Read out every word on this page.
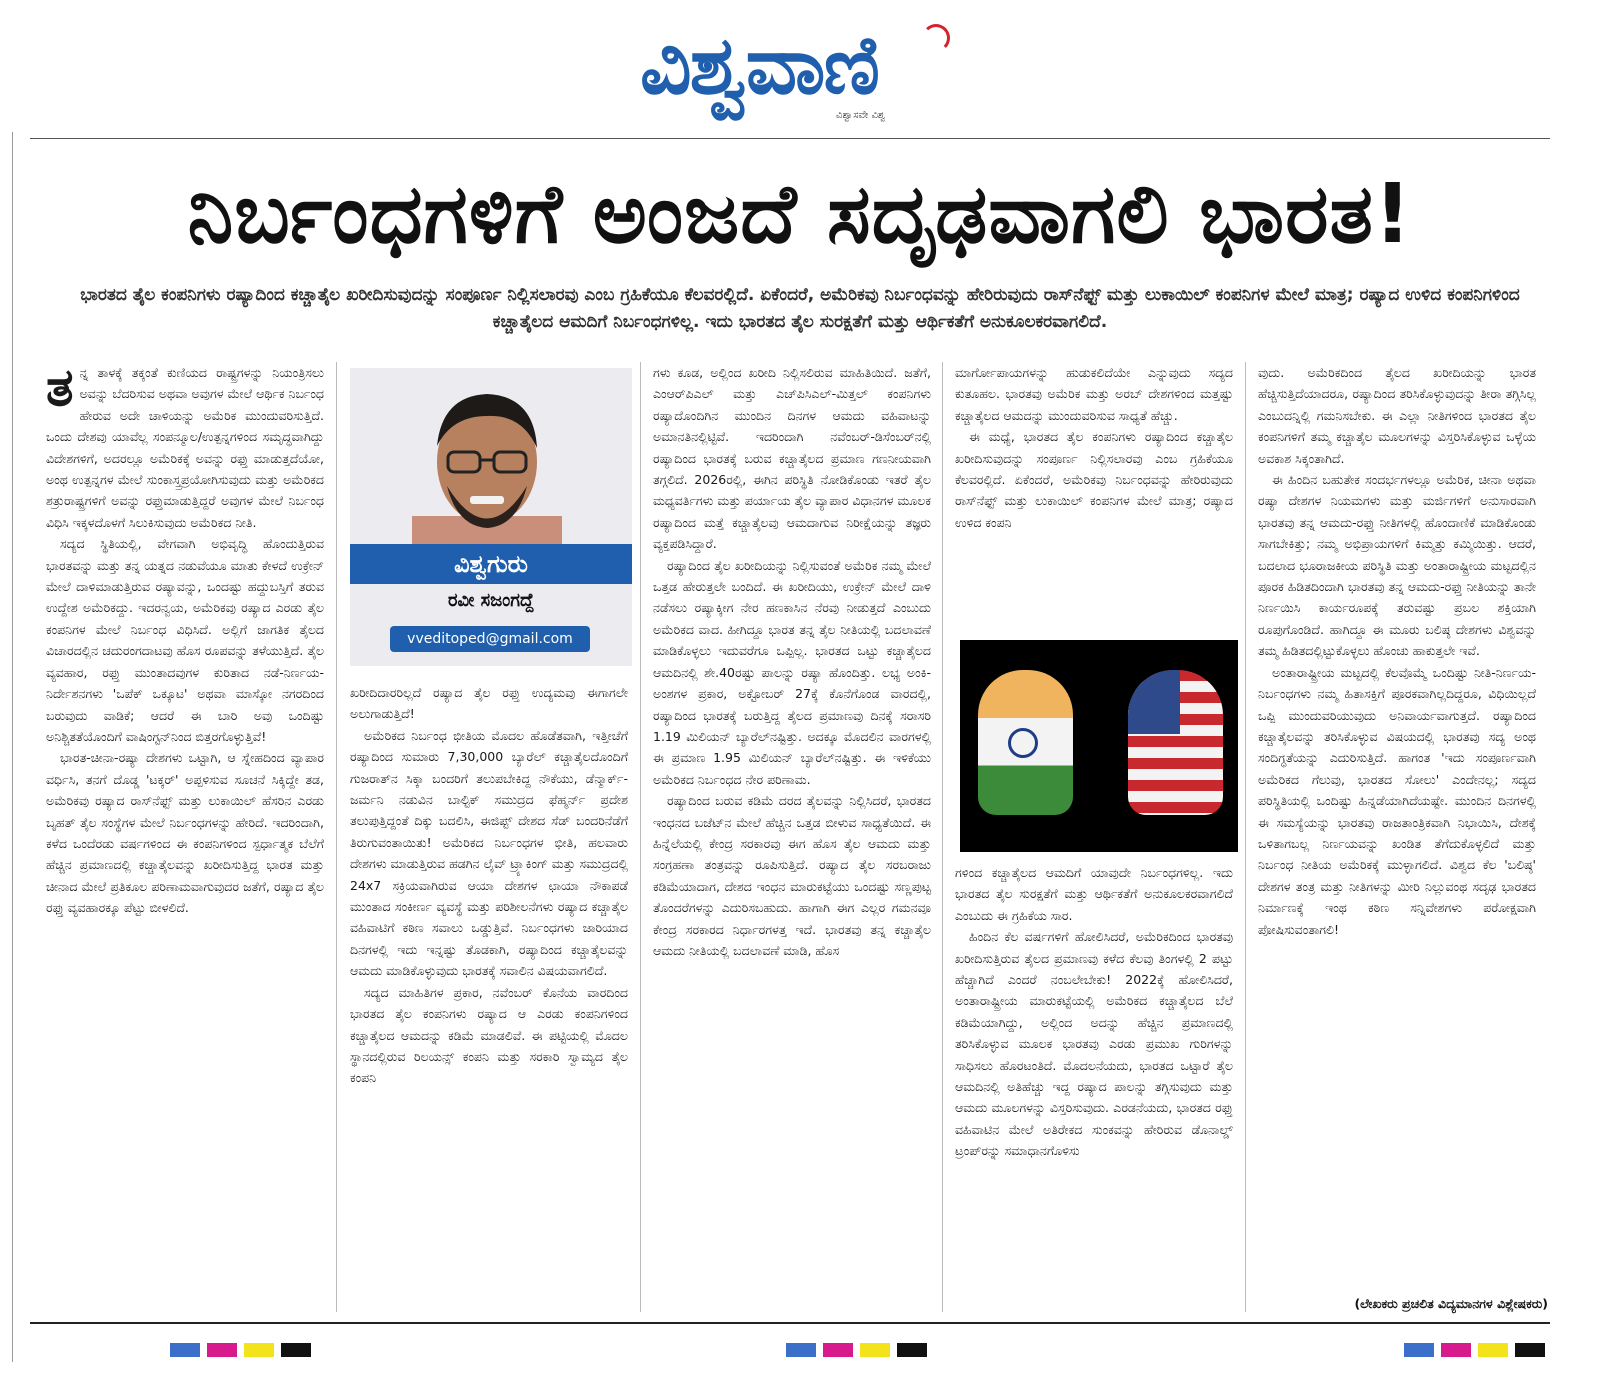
ವಿಶ್ವವಾಣಿ
ವಿಶ್ವಾಸವೇ ವಿಶ್ವ
ನಿರ್ಬಂಧಗಳಿಗೆ ಅಂಜದೆ ಸದೃಢವಾಗಲಿ ಭಾರತ!
ಭಾರತದ ತೈಲ ಕಂಪನಿಗಳು ರಷ್ಯಾದಿಂದ ಕಚ್ಚಾತೈಲ ಖರೀದಿಸುವುದನ್ನು ಸಂಪೂರ್ಣ ನಿಲ್ಲಿಸಲಾರವು ಎಂಬ ಗ್ರಹಿಕೆಯೂ ಕೆಲವರಲ್ಲಿದೆ. ಏಕೆಂದರೆ, ಅಮೆರಿಕವು ನಿರ್ಬಂಧವನ್ನು ಹೇರಿರುವುದು ರಾಸ್‌ನೆಫ್ಟ್ ಮತ್ತು ಲುಕಾಯಿಲ್ ಕಂಪನಿಗಳ ಮೇಲೆ ಮಾತ್ರ; ರಷ್ಯಾದ ಉಳಿದ ಕಂಪನಿಗಳಿಂದ ಕಚ್ಚಾತೈಲದ ಆಮದಿಗೆ ನಿರ್ಬಂಧಗಳಿಲ್ಲ. ಇದು ಭಾರತದ ತೈಲ ಸುರಕ್ಷತೆಗೆ ಮತ್ತು ಆರ್ಥಿಕತೆಗೆ ಅನುಕೂಲಕರವಾಗಲಿದೆ.

ತನ್ನ ತಾಳಕ್ಕೆ ತಕ್ಕಂತೆ ಕುಣಿಯದ ರಾಷ್ಟ್ರಗಳನ್ನು ನಿಯಂತ್ರಿಸಲು ಅವನ್ನು ಬೆದರಿಸುವ ಅಥವಾ ಅವುಗಳ ಮೇಲೆ ಆರ್ಥಿಕ ನಿರ್ಬಂಧ ಹೇರುವ ಅದೇ ಚಾಳಿಯನ್ನು ಅಮೆರಿಕ ಮುಂದುವರಿಸುತ್ತಿದೆ. ಒಂದು ದೇಶವು ಯಾವೆಲ್ಲ ಸಂಪನ್ಮೂಲ/ಉತ್ಪನ್ನಗಳಿಂದ ಸಮೃದ್ಧವಾಗಿದ್ದು ವಿದೇಶಗಳಿಗೆ, ಅದರಲ್ಲೂ ಅಮೆರಿಕಕ್ಕೆ ಅವನ್ನು ರಫ್ತು ಮಾಡುತ್ತದೆಯೋ, ಅಂಥ ಉತ್ಪನ್ನಗಳ ಮೇಲೆ ಸುಂಕಾಸ್ತ್ರಪ್ರಯೋಗಿಸುವುದು ಮತ್ತು ಅಮೆರಿಕದ ಶತ್ರುರಾಷ್ಟ್ರಗಳಿಗೆ ಅವನ್ನು ರಫ್ತುಮಾಡುತ್ತಿದ್ದರೆ ಅವುಗಳ ಮೇಲೆ ನಿರ್ಬಂಧ ವಿಧಿಸಿ ಇಕ್ಕಳದೊಳಗೆ ಸಿಲುಕಿಸುವುದು ಅಮೆರಿಕದ ನೀತಿ.

ಸದ್ಯದ ಸ್ಥಿತಿಯಲ್ಲಿ, ವೇಗವಾಗಿ ಅಭಿವೃದ್ಧಿ ಹೊಂದುತ್ತಿರುವ ಭಾರತವನ್ನು ಮತ್ತು ತನ್ನ ಯತ್ನದ ನಡುವೆಯೂ ಮಾತು ಕೇಳದೆ ಉಕ್ರೇನ್ ಮೇಲೆ ದಾಳಿಮಾಡುತ್ತಿರುವ ರಷ್ಯಾವನ್ನು, ಒಂದಷ್ಟು ಹದ್ದುಬಸ್ತಿಗೆ ತರುವ ಉದ್ದೇಶ ಅಮೆರಿಕದ್ದು. ಇದರನ್ವಯ, ಅಮೆರಿಕವು ರಷ್ಯಾದ ಎರಡು ತೈಲ ಕಂಪನಿಗಳ ಮೇಲೆ ನಿರ್ಬಂಧ ವಿಧಿಸಿದೆ. ಅಲ್ಲಿಗೆ ಜಾಗತಿಕ ತೈಲದ ವಿಚಾರದಲ್ಲಿನ ಚದುರಂಗದಾಟವು ಹೊಸ ರೂಪವನ್ನು ತಳೆಯುತ್ತಿದೆ. ತೈಲ ವ್ಯವಹಾರ, ರಫ್ತು ಮುಂತಾದವುಗಳ ಕುರಿತಾದ ನಡೆ-ನಿರ್ಣಯ-ನಿರ್ದೇಶನಗಳು 'ಒಪೆಕ್ ಒಕ್ಕೂಟ' ಅಥವಾ ಮಾಸ್ಕೋ ನಗರದಿಂದ ಬರುವುದು ವಾಡಿಕೆ; ಆದರೆ ಈ ಬಾರಿ ಅವು ಒಂದಿಷ್ಟು ಅನಿಶ್ಚಿತತೆಯೊಂದಿಗೆ ವಾಷಿಂಗ್ಟನ್‌ನಿಂದ ಬಿತ್ತರಗೊಳ್ಳುತ್ತಿವೆ!

ಭಾರತ-ಚೀನಾ-ರಷ್ಯಾ ದೇಶಗಳು ಒಟ್ಟಾಗಿ, ಆ ಸ್ನೇಹದಿಂದ ವ್ಯಾಪಾರ ವರ್ಧಿಸಿ, ತನಗೆ ದೊಡ್ಡ 'ಟಕ್ಕರ್' ಅಪ್ಪಳಿಸುವ ಸೂಚನೆ ಸಿಕ್ಕಿದ್ದೇ ತಡ, ಅಮೆರಿಕವು ರಷ್ಯಾದ ರಾಸ್‌ನೆಫ್ಟ್ ಮತ್ತು ಲುಕಾಯಿಲ್ ಹೆಸರಿನ ಎರಡು ಬೃಹತ್ ತೈಲ ಸಂಸ್ಥೆಗಳ ಮೇಲೆ ನಿರ್ಬಂಧಗಳನ್ನು ಹೇರಿದೆ. ಇದರಿಂದಾಗಿ, ಕಳೆದ ಒಂದೆರಡು ವರ್ಷಗಳಿಂದ ಈ ಕಂಪನಿಗಳಿಂದ ಸ್ಪರ್ಧಾತ್ಮಕ ಬೆಲೆಗೆ ಹೆಚ್ಚಿನ ಪ್ರಮಾಣದಲ್ಲಿ ಕಚ್ಚಾತೈಲವನ್ನು ಖರೀದಿಸುತ್ತಿದ್ದ ಭಾರತ ಮತ್ತು ಚೀನಾದ ಮೇಲೆ ಪ್ರತಿಕೂಲ ಪರಿಣಾಮವಾಗುವುದರ ಜತೆಗೆ, ರಷ್ಯಾದ ತೈಲ ರಫ್ತು ವ್ಯವಹಾರಕ್ಕೂ ಪೆಟ್ಟು ಬೀಳಲಿದೆ.

ವಿಶ್ವಗುರು
ರವೀ ಸಜಂಗದ್ದೆ
vveditoped@gmail.com

ಖರೀದಿದಾರರಿಲ್ಲದೆ ರಷ್ಯಾದ ತೈಲ ರಫ್ತು ಉದ್ಯಮವು ಈಗಾಗಲೇ ಅಲುಗಾಡುತ್ತಿದೆ!

ಅಮೆರಿಕದ ನಿರ್ಬಂಧ ಭೀತಿಯ ಮೊದಲ ಹೊಡೆತವಾಗಿ, ಇತ್ತೀಚೆಗೆ ರಷ್ಯಾದಿಂದ ಸುಮಾರು 7,30,000 ಬ್ಯಾರೆಲ್ ಕಚ್ಚಾತೈಲದೊಂದಿಗೆ ಗುಜರಾತ್‌ನ ಸಿಕ್ಕಾ ಬಂದರಿಗೆ ತಲುಪಬೇಕಿದ್ದ ನೌಕೆಯು, ಡೆನ್ಮಾರ್ಕ್-ಜರ್ಮನಿ ನಡುವಿನ ಬಾಲ್ಟಿಕ್ ಸಮುದ್ರದ ಫೆಹ್ಮರ್ನ್ ಪ್ರದೇಶ ತಲುಪುತ್ತಿದ್ದಂತೆ ದಿಕ್ಕು ಬದಲಿಸಿ, ಈಜಿಪ್ಟ್ ದೇಶದ ಸೆಡ್ ಬಂದರಿನೆಡೆಗೆ ತಿರುಗುವಂತಾಯಿತು! ಅಮೆರಿಕದ ನಿರ್ಬಂಧಗಳ ಭೀತಿ, ಹಲವಾರು ದೇಶಗಳು ಮಾಡುತ್ತಿರುವ ಹಡಗಿನ ಲೈವ್ ಟ್ರ್ಯಾಕಿಂಗ್ ಮತ್ತು ಸಮುದ್ರದಲ್ಲಿ 24x7 ಸಕ್ರಿಯವಾಗಿರುವ ಆಯಾ ದೇಶಗಳ ಛಾಯಾ ನೌಕಾಪಡೆ ಮುಂತಾದ ಸಂಕೀರ್ಣ ವ್ಯವಸ್ಥೆ ಮತ್ತು ಪರಿಶೀಲನೆಗಳು ರಷ್ಯಾದ ಕಚ್ಚಾತೈಲ ವಹಿವಾಟಿಗೆ ಕಠಿಣ ಸವಾಲು ಒಡ್ಡುತ್ತಿವೆ. ನಿರ್ಬಂಧಗಳು ಜಾರಿಯಾದ ದಿನಗಳಲ್ಲಿ ಇದು ಇನ್ನಷ್ಟು ತೊಡಕಾಗಿ, ರಷ್ಯಾದಿಂದ ಕಚ್ಚಾತೈಲವನ್ನು ಆಮದು ಮಾಡಿಕೊಳ್ಳುವುದು ಭಾರತಕ್ಕೆ ಸವಾಲಿನ ವಿಷಯವಾಗಲಿದೆ.

ಸದ್ಯದ ಮಾಹಿತಿಗಳ ಪ್ರಕಾರ, ನವೆಂಬರ್ ಕೊನೆಯ ವಾರದಿಂದ ಭಾರತದ ತೈಲ ಕಂಪನಿಗಳು ರಷ್ಯಾದ ಆ ಎರಡು ಕಂಪನಿಗಳಿಂದ ಕಚ್ಚಾತೈಲದ ಆಮದನ್ನು ಕಡಿಮೆ ಮಾಡಲಿವೆ. ಈ ಪಟ್ಟಿಯಲ್ಲಿ ಮೊದಲ ಸ್ಥಾನದಲ್ಲಿರುವ ರಿಲಯನ್ಸ್ ಕಂಪನಿ ಮತ್ತು ಸರಕಾರಿ ಸ್ವಾಮ್ಯದ ತೈಲ ಕಂಪನಿ

ಗಳು ಕೂಡ, ಅಲ್ಲಿಂದ ಖರೀದಿ ನಿಲ್ಲಿಸಲಿರುವ ಮಾಹಿತಿಯಿದೆ. ಜತೆಗೆ, ಎಂಆರ್‌ಪಿಎಲ್ ಮತ್ತು ಎಚ್‌ಪಿಸಿಎಲ್-ಮಿತ್ತಲ್ ಕಂಪನಿಗಳು ರಷ್ಯಾದೊಂದಿಗಿನ ಮುಂದಿನ ದಿನಗಳ ಆಮದು ವಹಿವಾಟನ್ನು ಅಮಾನತಿನಲ್ಲಿಟ್ಟಿವೆ. ಇದರಿಂದಾಗಿ ನವೆಂಬರ್-ಡಿಸೆಂಬರ್‌ನಲ್ಲಿ ರಷ್ಯಾದಿಂದ ಭಾರತಕ್ಕೆ ಬರುವ ಕಚ್ಚಾತೈಲದ ಪ್ರಮಾಣ ಗಣನೀಯವಾಗಿ ತಗ್ಗಲಿದೆ. 2026ರಲ್ಲಿ, ಈಗಿನ ಪರಿಸ್ಥಿತಿ ನೋಡಿಕೊಂಡು ಇತರೆ ತೈಲ ಮಧ್ಯವರ್ತಿಗಳು ಮತ್ತು ಪರ್ಯಾಯ ತೈಲ ವ್ಯಾಪಾರ ವಿಧಾನಗಳ ಮೂಲಕ ರಷ್ಯಾದಿಂದ ಮತ್ತೆ ಕಚ್ಚಾತೈಲವು ಆಮದಾಗುವ ನಿರೀಕ್ಷೆಯನ್ನು ತಜ್ಞರು ವ್ಯಕ್ತಪಡಿಸಿದ್ದಾರೆ.

ರಷ್ಯಾದಿಂದ ತೈಲ ಖರೀದಿಯನ್ನು ನಿಲ್ಲಿಸುವಂತೆ ಅಮೆರಿಕ ನಮ್ಮ ಮೇಲೆ ಒತ್ತಡ ಹೇರುತ್ತಲೇ ಬಂದಿದೆ. ಈ ಖರೀದಿಯು, ಉಕ್ರೇನ್ ಮೇಲೆ ದಾಳಿ ನಡೆಸಲು ರಷ್ಯಾಕ್ಕೀಗ ನೇರ ಹಣಕಾಸಿನ ನೆರವು ನೀಡುತ್ತದೆ ಎಂಬುದು ಅಮೆರಿಕದ ವಾದ. ಹೀಗಿದ್ದೂ ಭಾರತ ತನ್ನ ತೈಲ ನೀತಿಯಲ್ಲಿ ಬದಲಾವಣೆ ಮಾಡಿಕೊಳ್ಳಲು ಇದುವರೆಗೂ ಒಪ್ಪಿಲ್ಲ. ಭಾರತದ ಒಟ್ಟು ಕಚ್ಚಾತೈಲದ ಆಮದಿನಲ್ಲಿ ಶೇ.40ರಷ್ಟು ಪಾಲನ್ನು ರಷ್ಯಾ ಹೊಂದಿತ್ತು. ಲಭ್ಯ ಅಂಕಿ-ಅಂಶಗಳ ಪ್ರಕಾರ, ಅಕ್ಟೋಬರ್ 27ಕ್ಕೆ ಕೊನೆಗೊಂಡ ವಾರದಲ್ಲಿ, ರಷ್ಯಾದಿಂದ ಭಾರತಕ್ಕೆ ಬರುತ್ತಿದ್ದ ತೈಲದ ಪ್ರಮಾಣವು ದಿನಕ್ಕೆ ಸರಾಸರಿ 1.19 ಮಿಲಿಯನ್ ಬ್ಯಾರೆಲ್‌ನಷ್ಟಿತ್ತು. ಅದಕ್ಕೂ ಮೊದಲಿನ ವಾರಗಳಲ್ಲಿ ಈ ಪ್ರಮಾಣ 1.95 ಮಿಲಿಯನ್ ಬ್ಯಾರೆಲ್‌ನಷ್ಟಿತ್ತು. ಈ ಇಳಿಕೆಯು ಅಮೆರಿಕದ ನಿರ್ಬಂಧದ ನೇರ ಪರಿಣಾಮ.

ರಷ್ಯಾದಿಂದ ಬರುವ ಕಡಿಮೆ ದರದ ತೈಲವನ್ನು ನಿಲ್ಲಿಸಿದರೆ, ಭಾರತದ ಇಂಧನದ ಬಜೆಟ್‌ನ ಮೇಲೆ ಹೆಚ್ಚಿನ ಒತ್ತಡ ಬೀಳುವ ಸಾಧ್ಯತೆಯಿದೆ. ಈ ಹಿನ್ನೆಲೆಯಲ್ಲಿ ಕೇಂದ್ರ ಸರಕಾರವು ಈಗ ಹೊಸ ತೈಲ ಆಮದು ಮತ್ತು ಸಂಗ್ರಹಣಾ ತಂತ್ರವನ್ನು ರೂಪಿಸುತ್ತಿದೆ. ರಷ್ಯಾದ ತೈಲ ಸರಬರಾಜು ಕಡಿಮೆಯಾದಾಗ, ದೇಶದ ಇಂಧನ ಮಾರುಕಟ್ಟೆಯು ಒಂದಷ್ಟು ಸಣ್ಣಪುಟ್ಟ ತೊಂದರೆಗಳನ್ನು ಎದುರಿಸಬಹುದು. ಹಾಗಾಗಿ ಈಗ ಎಲ್ಲರ ಗಮನವೂ ಕೇಂದ್ರ ಸರಕಾರದ ನಿರ್ಧಾರಗಳತ್ತ ಇದೆ. ಭಾರತವು ತನ್ನ ಕಚ್ಚಾತೈಲ ಆಮದು ನೀತಿಯಲ್ಲಿ ಬದಲಾವಣೆ ಮಾಡಿ, ಹೊಸ

ಮಾರ್ಗೋಪಾಯಗಳನ್ನು ಹುಡುಕಲಿದೆಯೇ ಎನ್ನುವುದು ಸದ್ಯದ ಕುತೂಹಲ. ಭಾರತವು ಅಮೆರಿಕ ಮತ್ತು ಅರಬ್ ದೇಶಗಳಿಂದ ಮತ್ತಷ್ಟು ಕಚ್ಚಾತೈಲದ ಆಮದನ್ನು ಮುಂದುವರಿಸುವ ಸಾಧ್ಯತೆ ಹೆಚ್ಚು.

ಈ ಮಧ್ಯೆ, ಭಾರತದ ತೈಲ ಕಂಪನಿಗಳು ರಷ್ಯಾದಿಂದ ಕಚ್ಚಾತೈಲ ಖರೀದಿಸುವುದನ್ನು ಸಂಪೂರ್ಣ ನಿಲ್ಲಿಸಲಾರವು ಎಂಬ ಗ್ರಹಿಕೆಯೂ ಕೆಲವರಲ್ಲಿದೆ. ಏಕೆಂದರೆ, ಅಮೆರಿಕವು ನಿರ್ಬಂಧವನ್ನು ಹೇರಿರುವುದು ರಾಸ್‌ನೆಫ್ಟ್ ಮತ್ತು ಲುಕಾಯಿಲ್ ಕಂಪನಿಗಳ ಮೇಲೆ ಮಾತ್ರ; ರಷ್ಯಾದ ಉಳಿದ ಕಂಪನಿ

ಗಳಿಂದ ಕಚ್ಚಾತೈಲದ ಆಮದಿಗೆ ಯಾವುದೇ ನಿರ್ಬಂಧಗಳಿಲ್ಲ. ಇದು ಭಾರತದ ತೈಲ ಸುರಕ್ಷತೆಗೆ ಮತ್ತು ಆರ್ಥಿಕತೆಗೆ ಅನುಕೂಲಕರವಾಗಲಿದೆ ಎಂಬುದು ಈ ಗ್ರಹಿಕೆಯ ಸಾರ.

ಹಿಂದಿನ ಕೆಲ ವರ್ಷಗಳಿಗೆ ಹೋಲಿಸಿದರೆ, ಅಮೆರಿಕದಿಂದ ಭಾರತವು ಖರೀದಿಸುತ್ತಿರುವ ತೈಲದ ಪ್ರಮಾಣವು ಕಳೆದ ಕೆಲವು ತಿಂಗಳಲ್ಲಿ 2 ಪಟ್ಟು ಹೆಚ್ಚಾಗಿದೆ ಎಂದರೆ ನಂಬಲೇಬೇಕು! 2022ಕ್ಕೆ ಹೋಲಿಸಿದರೆ, ಅಂತಾರಾಷ್ಟ್ರೀಯ ಮಾರುಕಟ್ಟೆಯಲ್ಲಿ ಅಮೆರಿಕದ ಕಚ್ಚಾತೈಲದ ಬೆಲೆ ಕಡಿಮೆಯಾಗಿದ್ದು, ಅಲ್ಲಿಂದ ಅದನ್ನು ಹೆಚ್ಚಿನ ಪ್ರಮಾಣದಲ್ಲಿ ತರಿಸಿಕೊಳ್ಳುವ ಮೂಲಕ ಭಾರತವು ಎರಡು ಪ್ರಮುಖ ಗುರಿಗಳನ್ನು ಸಾಧಿಸಲು ಹೊರಟಂತಿದೆ. ಮೊದಲನೆಯದು, ಭಾರತದ ಒಟ್ಟಾರೆ ತೈಲ ಆಮದಿನಲ್ಲಿ ಅತಿಹೆಚ್ಚು ಇದ್ದ ರಷ್ಯಾದ ಪಾಲನ್ನು ತಗ್ಗಿಸುವುದು ಮತ್ತು ಆಮದು ಮೂಲಗಳನ್ನು ವಿಸ್ತರಿಸುವುದು. ಎರಡನೆಯದು, ಭಾರತದ ರಫ್ತು ವಹಿವಾಟಿನ ಮೇಲೆ ಅತಿರೇಕದ ಸುಂಕವನ್ನು ಹೇರಿರುವ ಡೊನಾಲ್ಡ್ ಟ್ರಂಪ್‌ರನ್ನು ಸಮಾಧಾನಗೊಳಿಸು

ವುದು. ಅಮೆರಿಕದಿಂದ ತೈಲದ ಖರೀದಿಯನ್ನು ಭಾರತ ಹೆಚ್ಚಿಸುತ್ತಿದೆಯಾದರೂ, ರಷ್ಯಾದಿಂದ ತರಿಸಿಕೊಳ್ಳುವುದನ್ನು ತೀರಾ ತಗ್ಗಿಸಿಲ್ಲ ಎಂಬುದನ್ನಿಲ್ಲಿ ಗಮನಿಸಬೇಕು. ಈ ಎಲ್ಲಾ ನೀತಿಗಳಿಂದ ಭಾರತದ ತೈಲ ಕಂಪನಿಗಳಿಗೆ ತಮ್ಮ ಕಚ್ಚಾತೈಲ ಮೂಲಗಳನ್ನು ವಿಸ್ತರಿಸಿಕೊಳ್ಳುವ ಒಳ್ಳೆಯ ಅವಕಾಶ ಸಿಕ್ಕಂತಾಗಿದೆ.

ಈ ಹಿಂದಿನ ಬಹುತೇಕ ಸಂದರ್ಭಗಳಲ್ಲೂ ಅಮೆರಿಕ, ಚೀನಾ ಅಥವಾ ರಷ್ಯಾ ದೇಶಗಳ ನಿಯಮಗಳು ಮತ್ತು ಮರ್ಜಿಗಳಿಗೆ ಅನುಸಾರವಾಗಿ ಭಾರತವು ತನ್ನ ಆಮದು-ರಫ್ತು ನೀತಿಗಳಲ್ಲಿ ಹೊಂದಾಣಿಕೆ ಮಾಡಿಕೊಂಡು ಸಾಗಬೇಕಿತ್ತು; ನಮ್ಮ ಅಭಿಪ್ರಾಯಗಳಿಗೆ ಕಿಮ್ಮತ್ತು ಕಮ್ಮಿಯಿತ್ತು. ಆದರೆ, ಬದಲಾದ ಭೂರಾಜಕೀಯ ಪರಿಸ್ಥಿತಿ ಮತ್ತು ಅಂತಾರಾಷ್ಟ್ರೀಯ ಮಟ್ಟದಲ್ಲಿನ ಪೂರಕ ಹಿಡಿತದಿಂದಾಗಿ ಭಾರತವು ತನ್ನ ಆಮದು-ರಫ್ತು ನೀತಿಯನ್ನು ತಾನೇ ನಿರ್ಣಯಿಸಿ ಕಾರ್ಯರೂಪಕ್ಕೆ ತರುವಷ್ಟು ಪ್ರಬಲ ಶಕ್ತಿಯಾಗಿ ರೂಪುಗೊಂಡಿದೆ. ಹಾಗಿದ್ದೂ ಈ ಮೂರು ಬಲಿಷ್ಠ ದೇಶಗಳು ವಿಶ್ವವನ್ನು ತಮ್ಮ ಹಿಡಿತದಲ್ಲಿಟ್ಟುಕೊಳ್ಳಲು ಹೊಂಚು ಹಾಕುತ್ತಲೇ ಇವೆ.

ಅಂತಾರಾಷ್ಟ್ರೀಯ ಮಟ್ಟದಲ್ಲಿ ಕೆಲವೊಮ್ಮೆ ಒಂದಿಷ್ಟು ನೀತಿ-ನಿರ್ಣಯ-ನಿರ್ಬಂಧಗಳು ನಮ್ಮ ಹಿತಾಸಕ್ತಿಗೆ ಪೂರಕವಾಗಿಲ್ಲದಿದ್ದರೂ, ವಿಧಿಯಿಲ್ಲದೆ ಒಪ್ಪಿ ಮುಂದುವರಿಯುವುದು ಅನಿವಾರ್ಯವಾಗುತ್ತದೆ. ರಷ್ಯಾದಿಂದ ಕಚ್ಚಾತೈಲವನ್ನು ತರಿಸಿಕೊಳ್ಳುವ ವಿಷಯದಲ್ಲಿ ಭಾರತವು ಸದ್ಯ ಅಂಥ ಸಂದಿಗ್ಧತೆಯನ್ನು ಎದುರಿಸುತ್ತಿದೆ. ಹಾಗಂತ 'ಇದು ಸಂಪೂರ್ಣವಾಗಿ ಅಮೆರಿಕದ ಗೆಲುವು, ಭಾರತದ ಸೋಲು' ಎಂದೇನಲ್ಲ; ಸದ್ಯದ ಪರಿಸ್ಥಿತಿಯಲ್ಲಿ ಒಂದಿಷ್ಟು ಹಿನ್ನಡೆಯಾಗಿದೆಯಷ್ಟೇ. ಮುಂದಿನ ದಿನಗಳಲ್ಲಿ ಈ ಸಮಸ್ಯೆಯನ್ನು ಭಾರತವು ರಾಜತಾಂತ್ರಿಕವಾಗಿ ನಿಭಾಯಿಸಿ, ದೇಶಕ್ಕೆ ಒಳಿತಾಗಬಲ್ಲ ನಿರ್ಣಯವನ್ನು ಖಂಡಿತ ತೆಗೆದುಕೊಳ್ಳಲಿದೆ ಮತ್ತು ನಿರ್ಬಂಧ ನೀತಿಯ ಅಮೆರಿಕಕ್ಕೆ ಮುಳ್ಳಾಗಲಿದೆ. ವಿಶ್ವದ ಕೆಲ 'ಬಲಿಷ್ಠ' ದೇಶಗಳ ತಂತ್ರ ಮತ್ತು ನೀತಿಗಳನ್ನು ಮೀರಿ ನಿಲ್ಲುವಂಥ ಸದೃಢ ಭಾರತದ ನಿರ್ಮಾಣಕ್ಕೆ ಇಂಥ ಕಠಿಣ ಸನ್ನಿವೇಶಗಳು ಪರೋಕ್ಷವಾಗಿ ಪೋಷಿಸುವಂತಾಗಲಿ!

(ಲೇಖಕರು ಪ್ರಚಲಿತ ವಿದ್ಯಮಾನಗಳ ವಿಶ್ಲೇಷಕರು)
